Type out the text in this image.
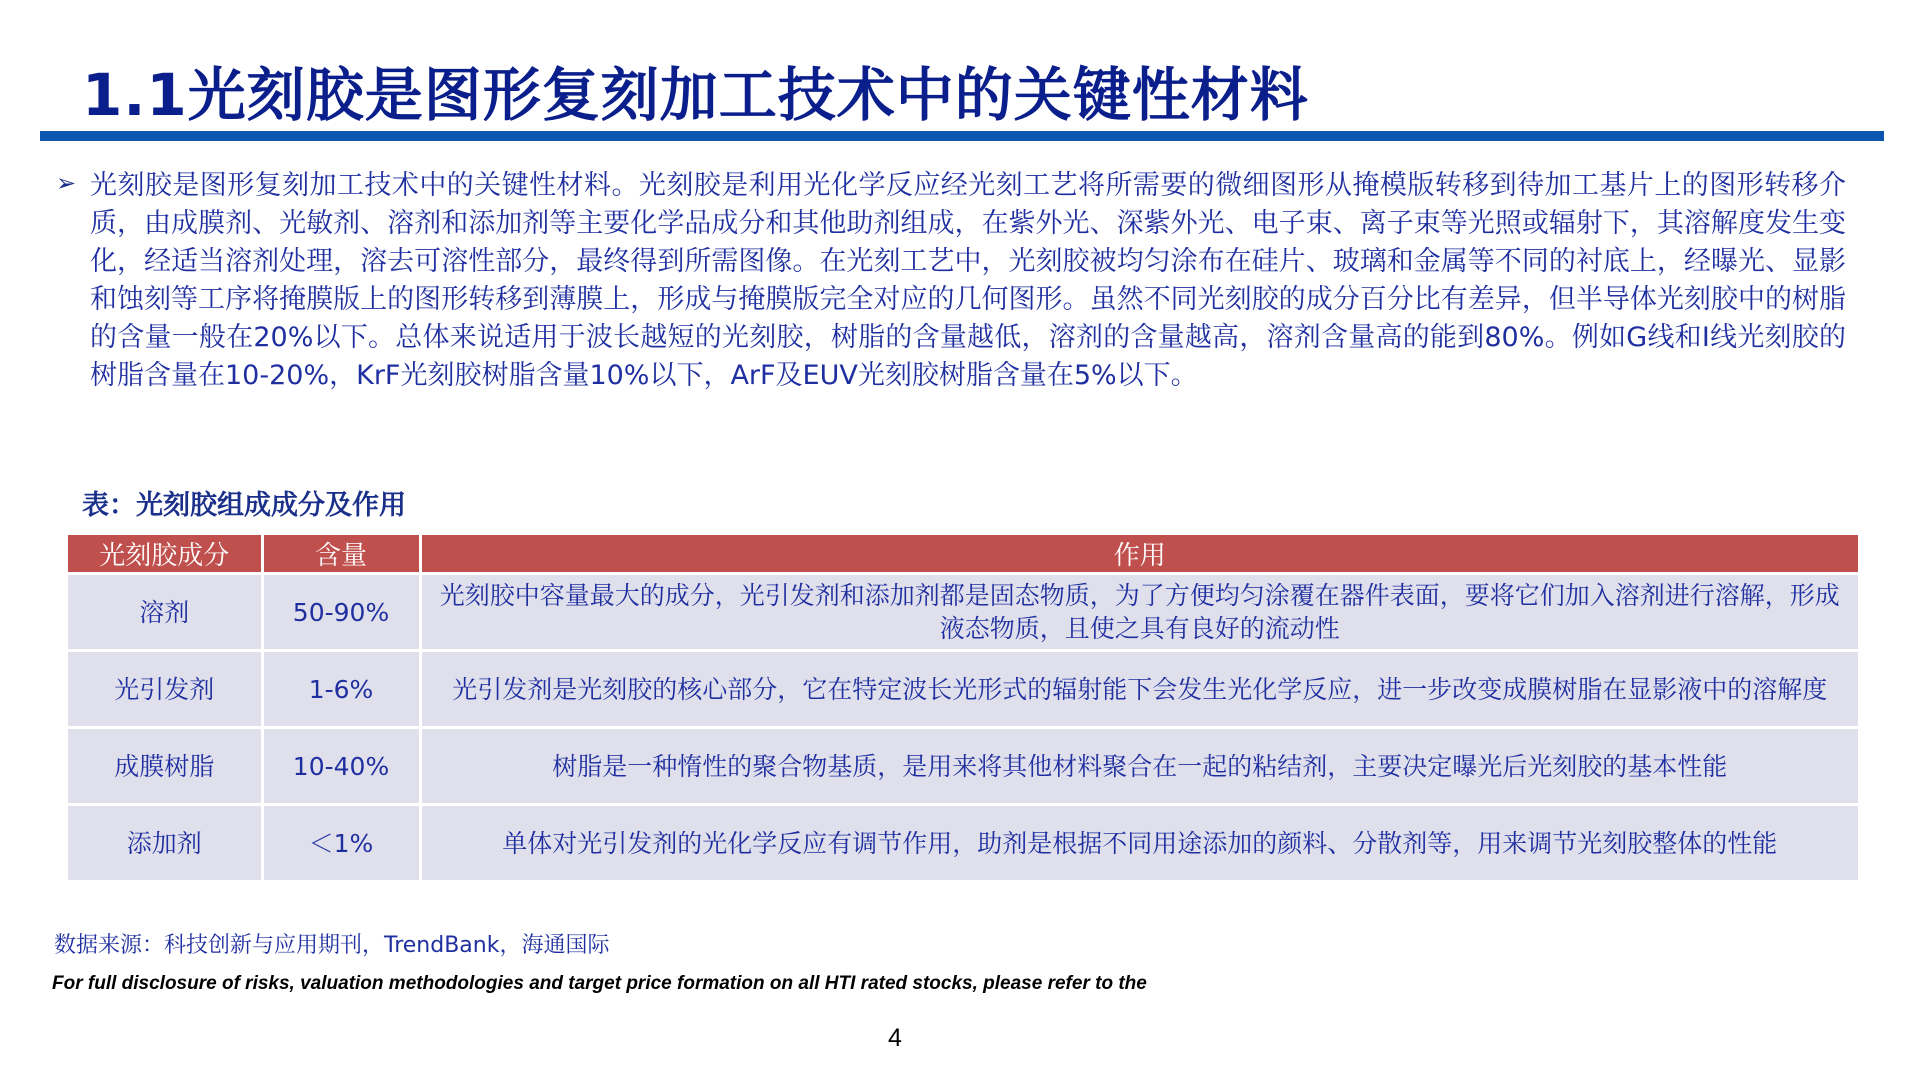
1.1光刻胶是图形复刻加工技术中的关键性材料
➢ 光刻胶是图形复刻加工技术中的关键性材料。光刻胶是利用光化学反应经光刻工艺将所需要的微细图形从掩模版转移到待加工基片上的图形转移介质，由成膜剂、光敏剂、溶剂和添加剂等主要化学品成分和其他助剂组成，在紫外光、深紫外光、电子束、离子束等光照或辐射下，其溶解度发生变化，经适当溶剂处理，溶去可溶性部分，最终得到所需图像。在光刻工艺中，光刻胶被均匀涂布在硅片、玻璃和金属等不同的衬底上，经曝光、显影和蚀刻等工序将掩膜版上的图形转移到薄膜上，形成与掩膜版完全对应的几何图形。虽然不同光刻胶的成分百分比有差异，但半导体光刻胶中的树脂的含量一般在20%以下。总体来说适用于波长越短的光刻胶，树脂的含量越低，溶剂的含量越高，溶剂含量高的能到80%。例如G线和I线光刻胶的树脂含量在10-20%，KrF光刻胶树脂含量10%以下，ArF及EUV光刻胶树脂含量在5%以下。
表：光刻胶组成成分及作用
光刻胶成分	含量	作用
溶剂	50-90%	光刻胶中容量最大的成分，光引发剂和添加剂都是固态物质，为了方便均匀涂覆在器件表面，要将它们加入溶剂进行溶解，形成液态物质，且使之具有良好的流动性
光引发剂	1-6%	光引发剂是光刻胶的核心部分，它在特定波长光形式的辐射能下会发生光化学反应，进一步改变成膜树脂在显影液中的溶解度
成膜树脂	10-40%	树脂是一种惰性的聚合物基质，是用来将其他材料聚合在一起的粘结剂，主要决定曝光后光刻胶的基本性能
添加剂	＜1%	单体对光引发剂的光化学反应有调节作用，助剂是根据不同用途添加的颜料、分散剂等，用来调节光刻胶整体的性能
数据来源：科技创新与应用期刊，TrendBank，海通国际
For full disclosure of risks, valuation methodologies and target price formation on all HTI rated stocks, please refer to the
4
